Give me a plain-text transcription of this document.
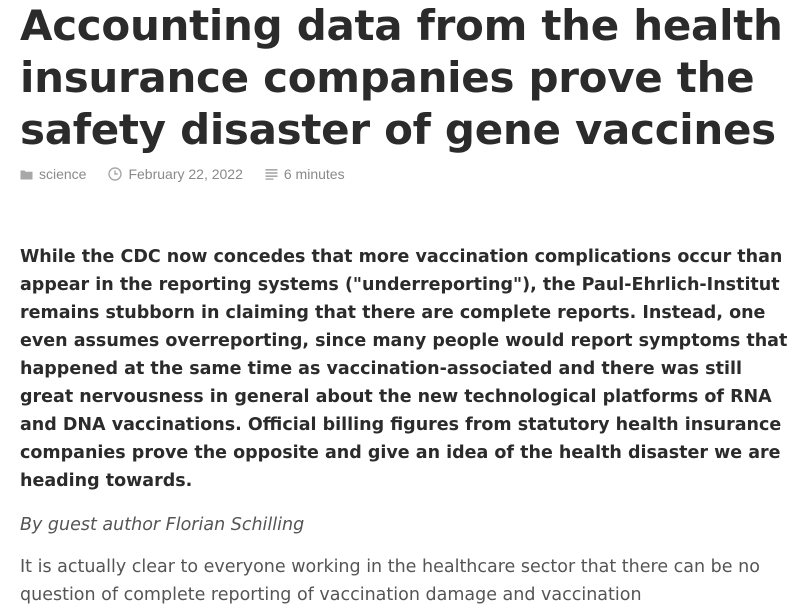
Accounting data from the health insurance companies prove the safety disaster of gene vaccines
science	February 22, 2022	6 minutes

While the CDC now concedes that more vaccination complications occur than appear in the reporting systems ("underreporting"), the Paul-Ehrlich-Institut remains stubborn in claiming that there are complete reports. Instead, one even assumes overreporting, since many people would report symptoms that happened at the same time as vaccination-associated and there was still great nervousness in general about the new technological platforms of RNA and DNA vaccinations. Official billing figures from statutory health insurance companies prove the opposite and give an idea of the health disaster we are heading towards.

By guest author Florian Schilling

It is actually clear to everyone working in the healthcare sector that there can be no question of complete reporting of vaccination damage and vaccination
